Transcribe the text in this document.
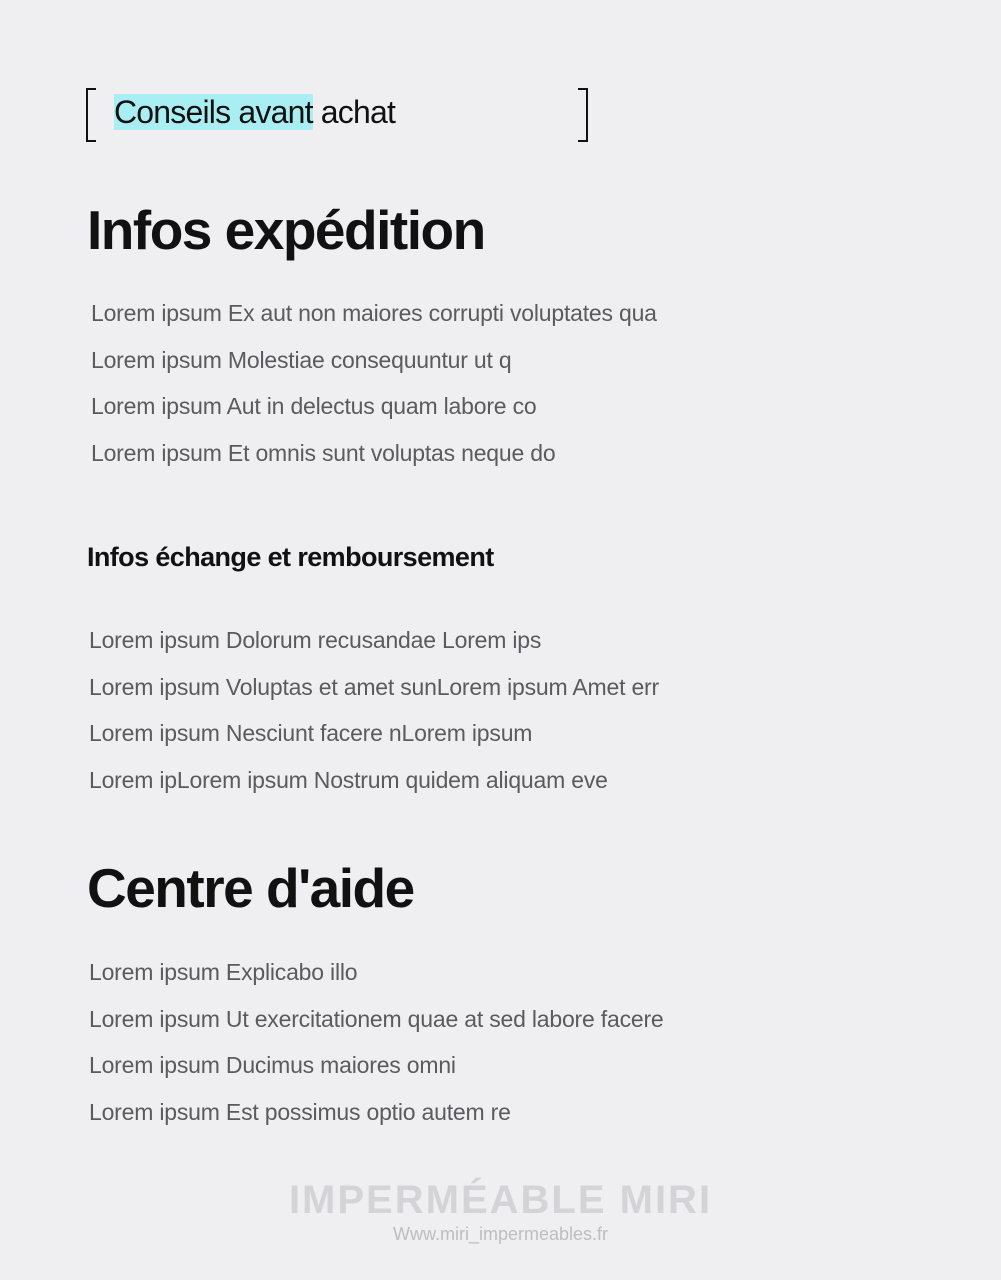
Conseils avant achat
Infos expédition
Lorem ipsum Ex aut non maiores corrupti voluptates qua
Lorem ipsum Molestiae consequuntur ut q
Lorem ipsum Aut in delectus quam labore co
Lorem ipsum Et omnis sunt voluptas neque do
Infos échange et remboursement
Lorem ipsum Dolorum recusandae Lorem ips
Lorem ipsum Voluptas et amet sunLorem ipsum Amet err
Lorem ipsum Nesciunt facere nLorem ipsum
Lorem ipLorem ipsum Nostrum quidem aliquam eve
Centre d'aide
Lorem ipsum Explicabo illo
Lorem ipsum Ut exercitationem quae at sed labore facere
Lorem ipsum Ducimus maiores omni
Lorem ipsum Est possimus optio autem re
IMPERMÉABLE MIRI
Www.miri_impermeables.fr
